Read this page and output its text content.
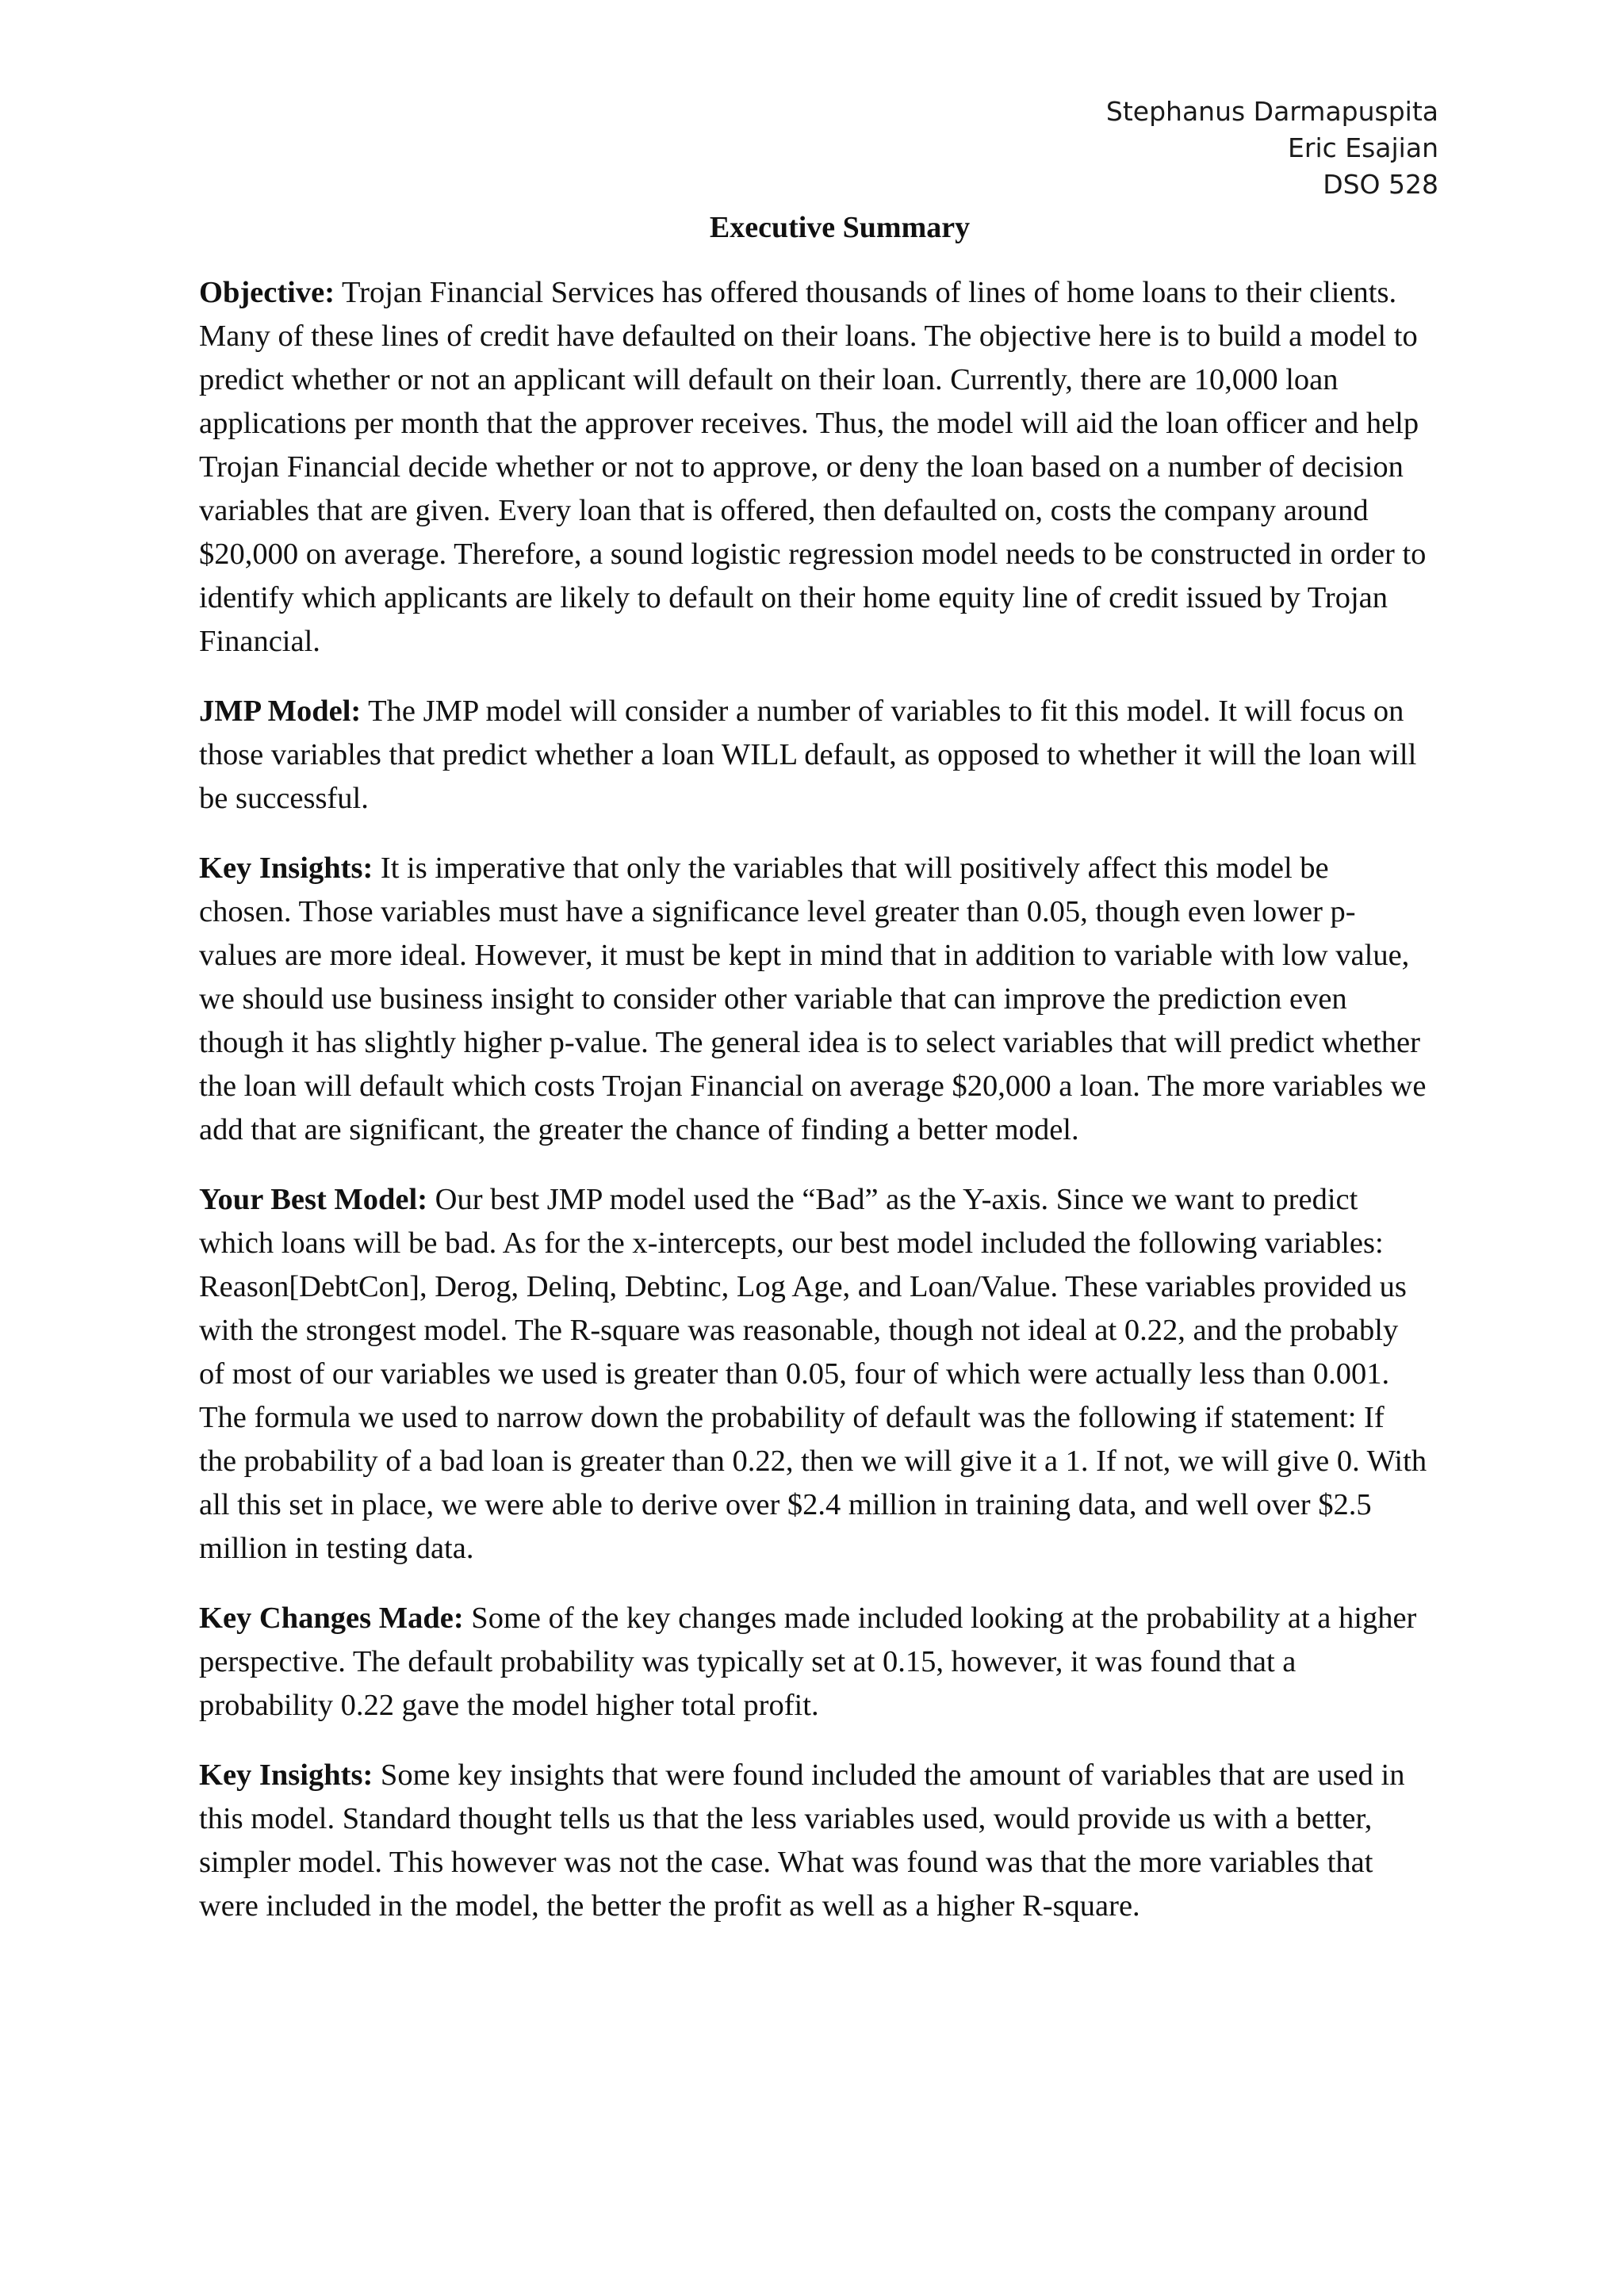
Stephanus Darmapuspita
Eric Esajian
DSO 528
Executive Summary

Objective: Trojan Financial Services has offered thousands of lines of home loans to their clients. Many of these lines of credit have defaulted on their loans. The objective here is to build a model to predict whether or not an applicant will default on their loan. Currently, there are 10,000 loan applications per month that the approver receives. Thus, the model will aid the loan officer and help Trojan Financial decide whether or not to approve, or deny the loan based on a number of decision variables that are given. Every loan that is offered, then defaulted on, costs the company around $20,000 on average. Therefore, a sound logistic regression model needs to be constructed in order to identify which applicants are likely to default on their home equity line of credit issued by Trojan Financial.

JMP Model: The JMP model will consider a number of variables to fit this model. It will focus on those variables that predict whether a loan WILL default, as opposed to whether it will the loan will be successful.

Key Insights: It is imperative that only the variables that will positively affect this model be chosen. Those variables must have a significance level greater than 0.05, though even lower p-values are more ideal. However, it must be kept in mind that in addition to variable with low value, we should use business insight to consider other variable that can improve the prediction even though it has slightly higher p-value. The general idea is to select variables that will predict whether the loan will default which costs Trojan Financial on average $20,000 a loan. The more variables we add that are significant, the greater the chance of finding a better model.

Your Best Model: Our best JMP model used the “Bad” as the Y-axis. Since we want to predict which loans will be bad. As for the x-intercepts, our best model included the following variables: Reason[DebtCon], Derog, Delinq, Debtinc, Log Age, and Loan/Value. These variables provided us with the strongest model. The R-square was reasonable, though not ideal at 0.22, and the probably of most of our variables we used is greater than 0.05, four of which were actually less than 0.001. The formula we used to narrow down the probability of default was the following if statement: If the probability of a bad loan is greater than 0.22, then we will give it a 1. If not, we will give 0. With all this set in place, we were able to derive over $2.4 million in training data, and well over $2.5 million in testing data.

Key Changes Made: Some of the key changes made included looking at the probability at a higher perspective. The default probability was typically set at 0.15, however, it was found that a probability 0.22 gave the model higher total profit.

Key Insights: Some key insights that were found included the amount of variables that are used in this model. Standard thought tells us that the less variables used, would provide us with a better, simpler model. This however was not the case. What was found was that the more variables that were included in the model, the better the profit as well as a higher R-square.
